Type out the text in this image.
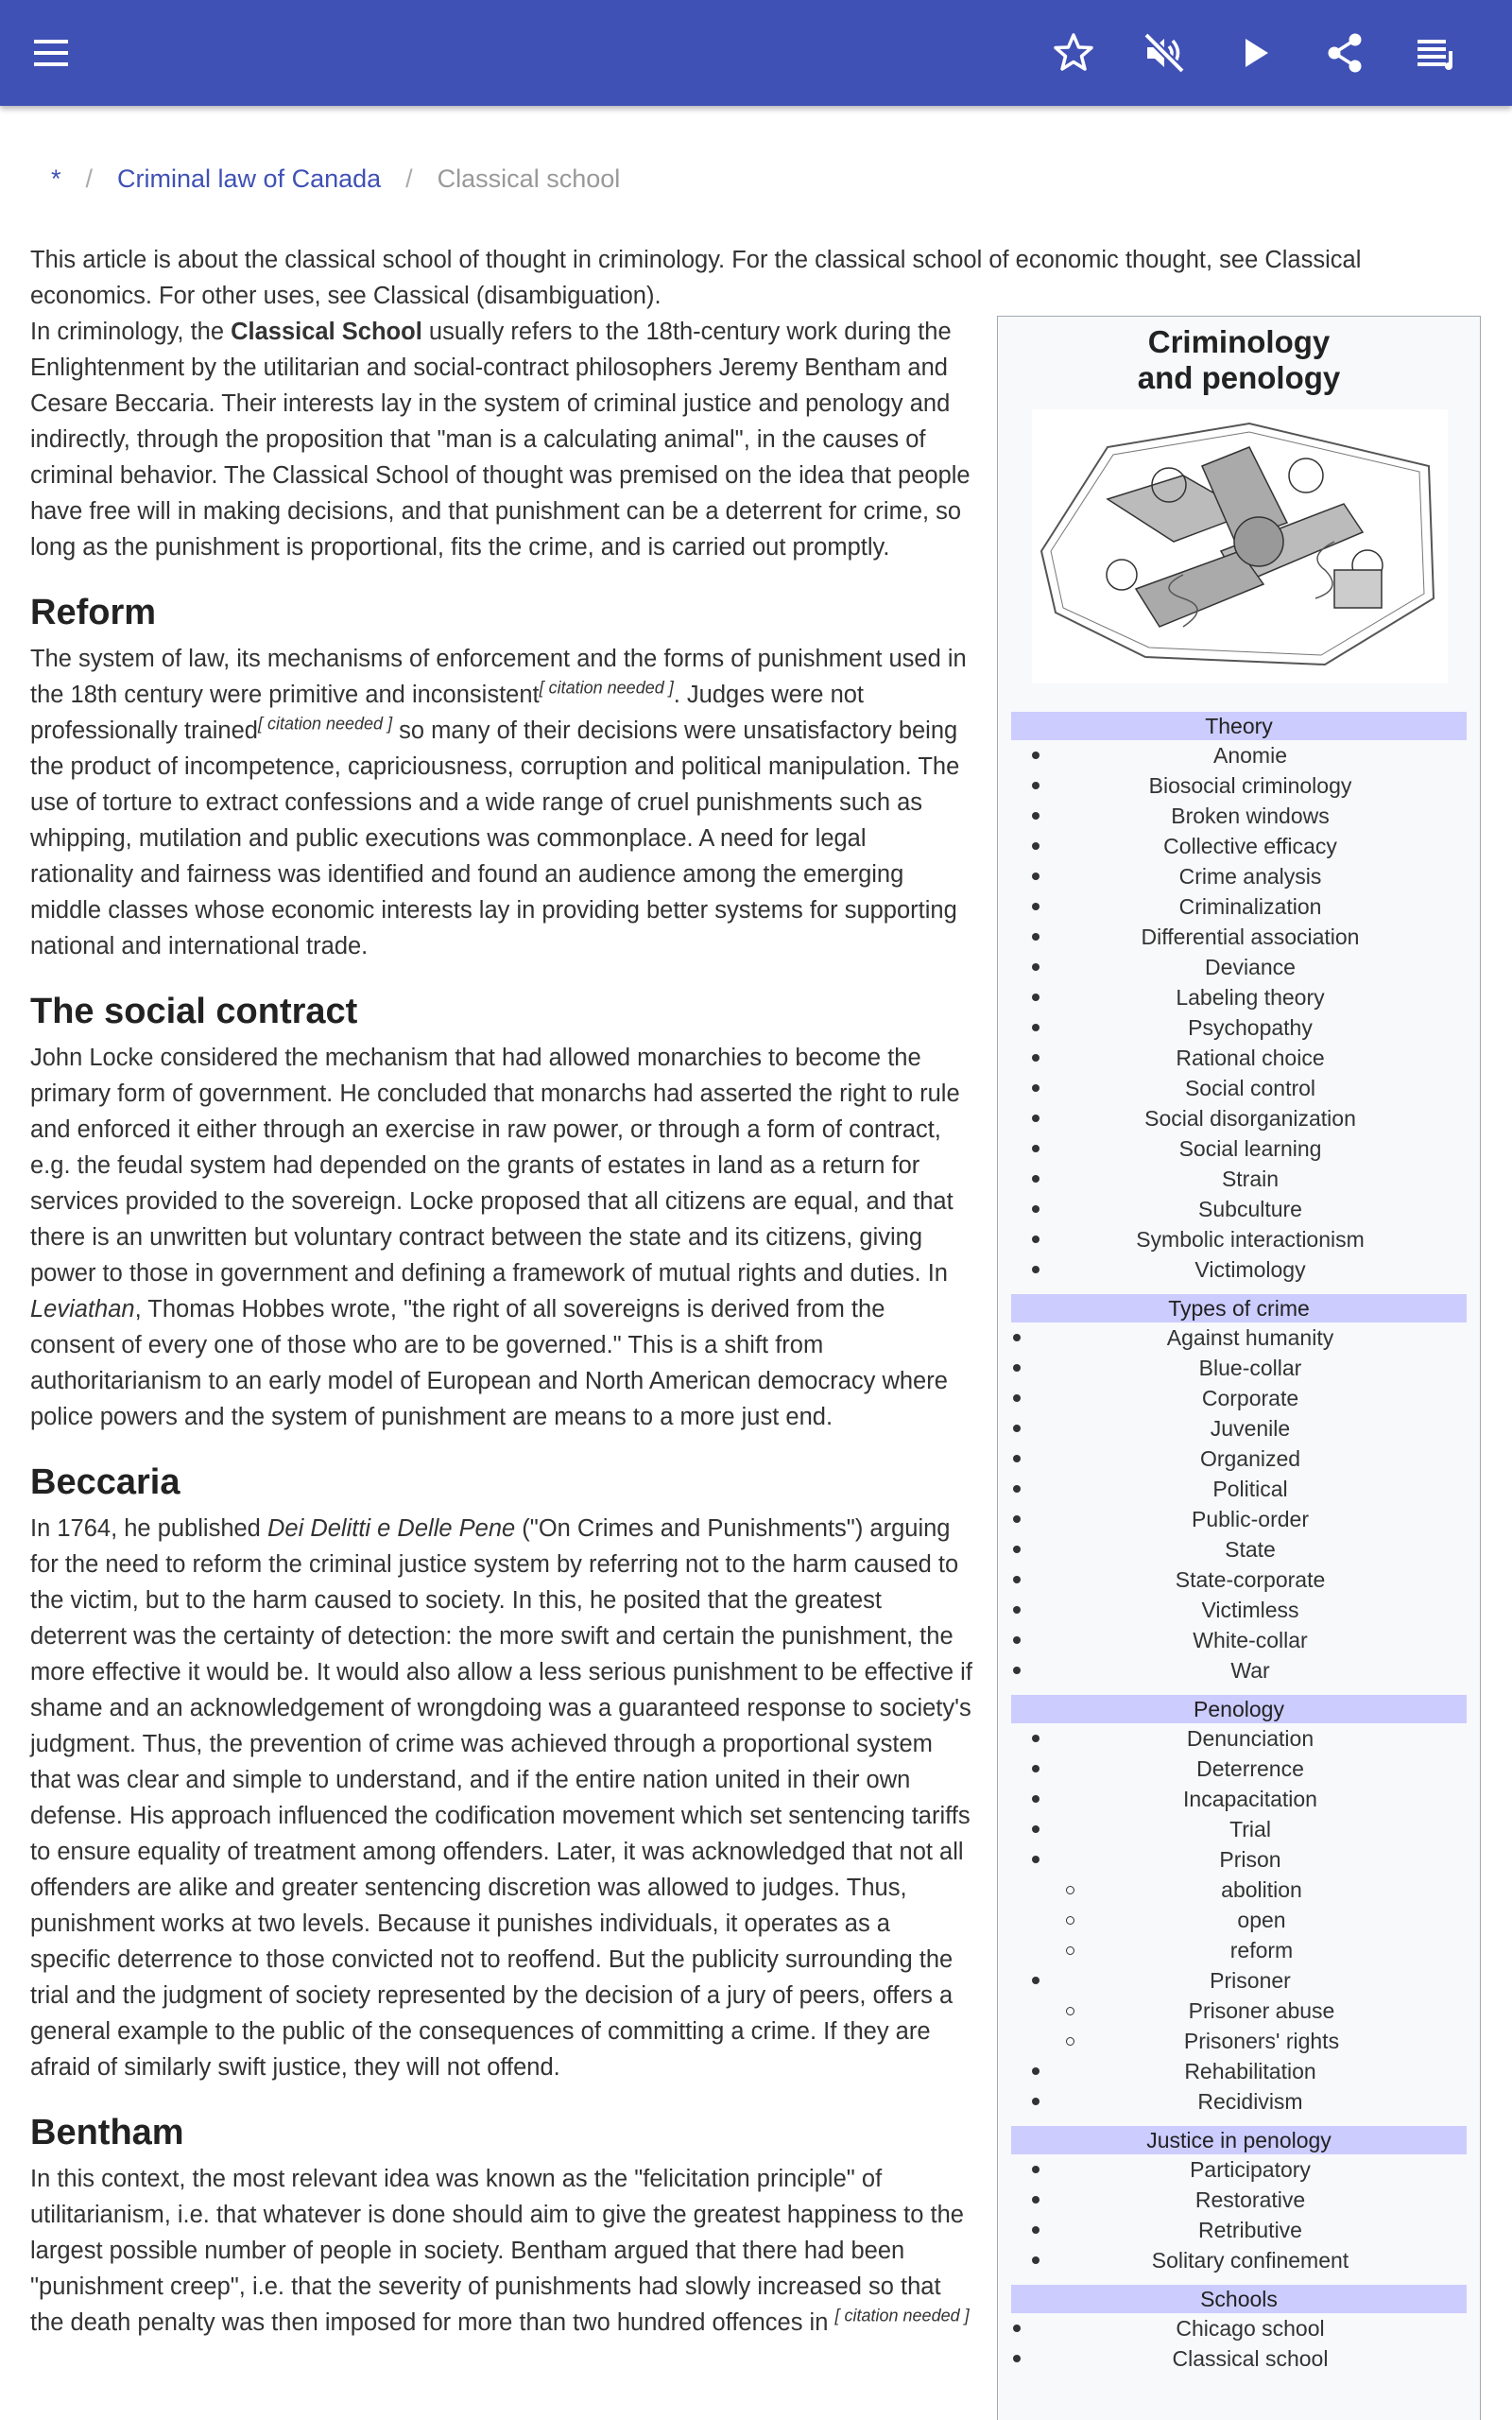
* / Criminal law of Canada / Classical school

This article is about the classical school of thought in criminology. For the classical school of economic thought, see Classical economics. For other uses, see Classical (disambiguation).

In criminology, the Classical School usually refers to the 18th-century work during the Enlightenment by the utilitarian and social-contract philosophers Jeremy Bentham and Cesare Beccaria. Their interests lay in the system of criminal justice and penology and indirectly, through the proposition that "man is a calculating animal", in the causes of criminal behavior. The Classical School of thought was premised on the idea that people have free will in making decisions, and that punishment can be a deterrent for crime, so long as the punishment is proportional, fits the crime, and is carried out promptly.

Reform

The system of law, its mechanisms of enforcement and the forms of punishment used in the 18th century were primitive and inconsistent[ citation needed ]. Judges were not professionally trained[ citation needed ] so many of their decisions were unsatisfactory being the product of incompetence, capriciousness, corruption and political manipulation. The use of torture to extract confessions and a wide range of cruel punishments such as whipping, mutilation and public executions was commonplace. A need for legal rationality and fairness was identified and found an audience among the emerging middle classes whose economic interests lay in providing better systems for supporting national and international trade.

The social contract

John Locke considered the mechanism that had allowed monarchies to become the primary form of government. He concluded that monarchs had asserted the right to rule and enforced it either through an exercise in raw power, or through a form of contract, e.g. the feudal system had depended on the grants of estates in land as a return for services provided to the sovereign. Locke proposed that all citizens are equal, and that there is an unwritten but voluntary contract between the state and its citizens, giving power to those in government and defining a framework of mutual rights and duties. In Leviathan, Thomas Hobbes wrote, "the right of all sovereigns is derived from the consent of every one of those who are to be governed." This is a shift from authoritarianism to an early model of European and North American democracy where police powers and the system of punishment are means to a more just end.

Beccaria

In 1764, he published Dei Delitti e Delle Pene ("On Crimes and Punishments") arguing for the need to reform the criminal justice system by referring not to the harm caused to the victim, but to the harm caused to society. In this, he posited that the greatest deterrent was the certainty of detection: the more swift and certain the punishment, the more effective it would be. It would also allow a less serious punishment to be effective if shame and an acknowledgement of wrongdoing was a guaranteed response to society's judgment. Thus, the prevention of crime was achieved through a proportional system that was clear and simple to understand, and if the entire nation united in their own defense. His approach influenced the codification movement which set sentencing tariffs to ensure equality of treatment among offenders. Later, it was acknowledged that not all offenders are alike and greater sentencing discretion was allowed to judges. Thus, punishment works at two levels. Because it punishes individuals, it operates as a specific deterrence to those convicted not to reoffend. But the publicity surrounding the trial and the judgment of society represented by the decision of a jury of peers, offers a general example to the public of the consequences of committing a crime. If they are afraid of similarly swift justice, they will not offend.

Bentham

In this context, the most relevant idea was known as the "felicitation principle" of utilitarianism, i.e. that whatever is done should aim to give the greatest happiness to the largest possible number of people in society. Bentham argued that there had been "punishment creep", i.e. that the severity of punishments had slowly increased so that the death penalty was then imposed for more than two hundred offences in [ citation needed ]

Criminology
and penology
Theory
Anomie
Biosocial criminology
Broken windows
Collective efficacy
Crime analysis
Criminalization
Differential association
Deviance
Labeling theory
Psychopathy
Rational choice
Social control
Social disorganization
Social learning
Strain
Subculture
Symbolic interactionism
Victimology
Types of crime
Against humanity
Blue-collar
Corporate
Juvenile
Organized
Political
Public-order
State
State-corporate
Victimless
White-collar
War
Penology
Denunciation
Deterrence
Incapacitation
Trial
Prison
abolition
open
reform
Prisoner
Prisoner abuse
Prisoners' rights
Rehabilitation
Recidivism
Justice in penology
Participatory
Restorative
Retributive
Solitary confinement
Schools
Chicago school
Classical school
